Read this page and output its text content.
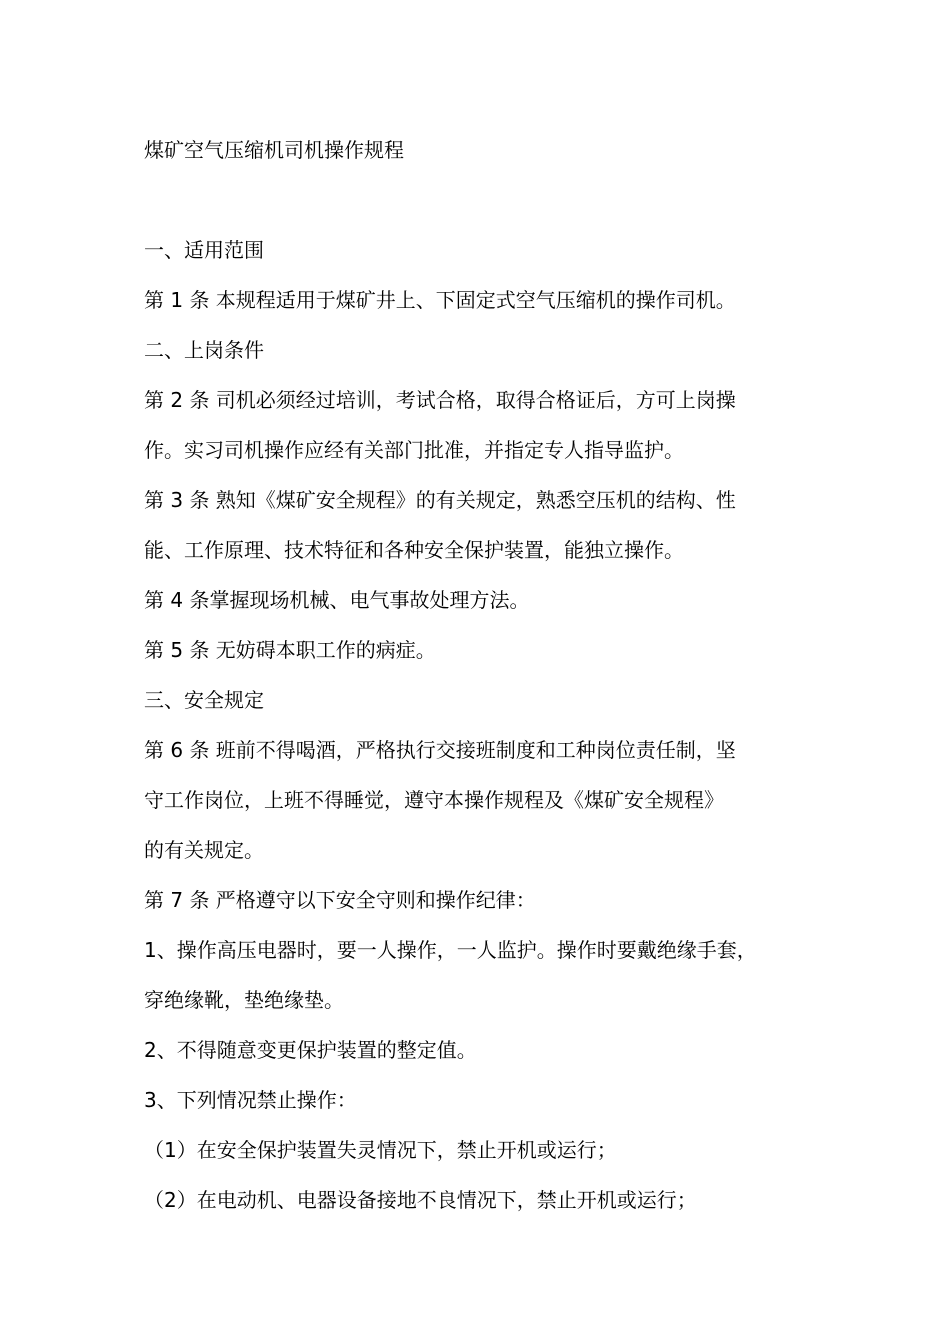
煤矿空气压缩机司机操作规程
一、适用范围
第 1 条 本规程适用于煤矿井上、下固定式空气压缩机的操作司机。
二、上岗条件
第 2 条 司机必须经过培训，考试合格，取得合格证后，方可上岗操
作。实习司机操作应经有关部门批准，并指定专人指导监护。
第 3 条 熟知《煤矿安全规程》的有关规定，熟悉空压机的结构、性
能、工作原理、技术特征和各种安全保护装置，能独立操作。
第 4 条掌握现场机械、电气事故处理方法。
第 5 条 无妨碍本职工作的病症。
三、安全规定
第 6 条 班前不得喝酒，严格执行交接班制度和工种岗位责任制，坚
守工作岗位，上班不得睡觉，遵守本操作规程及《煤矿安全规程》
的有关规定。
第 7 条 严格遵守以下安全守则和操作纪律：
1、操作高压电器时，要一人操作，一人监护。操作时要戴绝缘手套，
穿绝缘靴，垫绝缘垫。
2、不得随意变更保护装置的整定值。
3、下列情况禁止操作：
（1）在安全保护装置失灵情况下，禁止开机或运行；
（2）在电动机、电器设备接地不良情况下，禁止开机或运行；
